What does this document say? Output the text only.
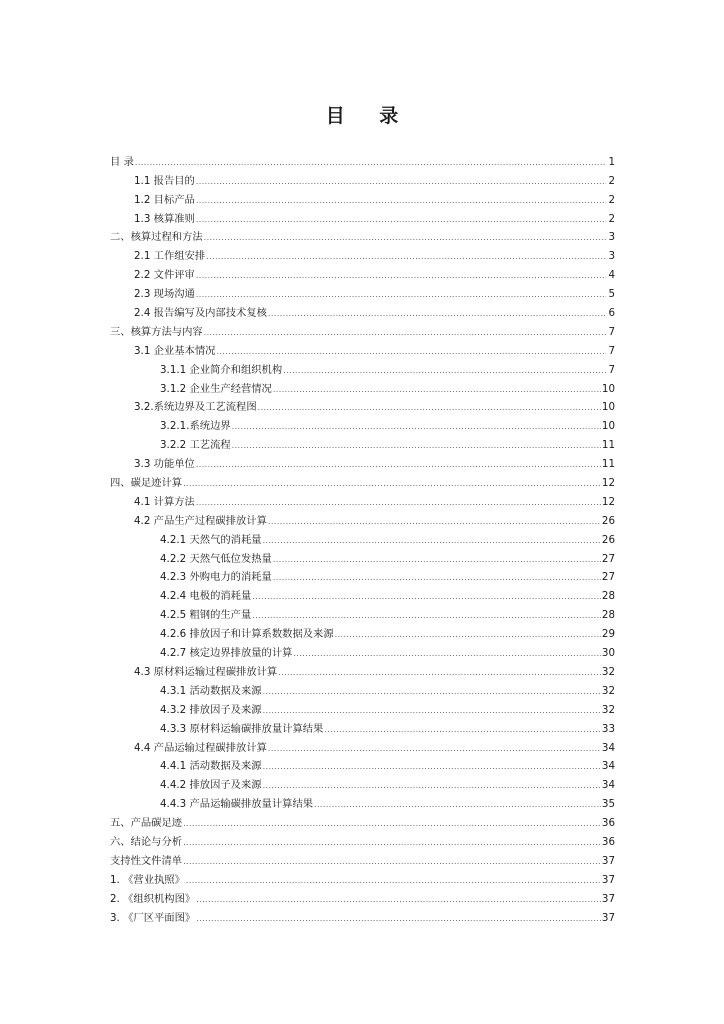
目 录
目 录 .....	1
1.1 报告目的 .....	2
1.2 目标产品 .....	2
1.3 核算准则 .....	2
二、核算过程和方法 .....	3
2.1 工作组安排 .....	3
2.2 文件评审 .....	4
2.3 现场沟通 .....	5
2.4 报告编写及内部技术复核 .....	6
三、核算方法与内容 .....	7
3.1 企业基本情况 .....	7
3.1.1 企业简介和组织机构 .....	7
3.1.2 企业生产经营情况 .....	10
3.2.系统边界及工艺流程图 .....	10
3.2.1.系统边界 .....	10
3.2.2 工艺流程 .....	11
3.3 功能单位 .....	11
四、碳足迹计算 .....	12
4.1 计算方法 .....	12
4.2 产品生产过程碳排放计算 .....	26
4.2.1 天然气的消耗量 .....	26
4.2.2 天然气低位发热量 .....	27
4.2.3 外购电力的消耗量 .....	27
4.2.4 电极的消耗量 .....	28
4.2.5 粗钢的生产量 .....	28
4.2.6 排放因子和计算系数数据及来源 .....	29
4.2.7 核定边界排放量的计算 .....	30
4.3 原材料运输过程碳排放计算 .....	32
4.3.1 活动数据及来源 .....	32
4.3.2 排放因子及来源 .....	32
4.3.3 原材料运输碳排放量计算结果 .....	33
4.4 产品运输过程碳排放计算 .....	34
4.4.1 活动数据及来源 .....	34
4.4.2 排放因子及来源 .....	34
4.4.3 产品运输碳排放量计算结果 .....	35
五、产品碳足迹 .....	36
六、结论与分析 .....	36
支持性文件清单 .....	37
1. 《营业执照》 .....	37
2. 《组织机构图》 .....	37
3. 《厂区平面图》 .....	37
